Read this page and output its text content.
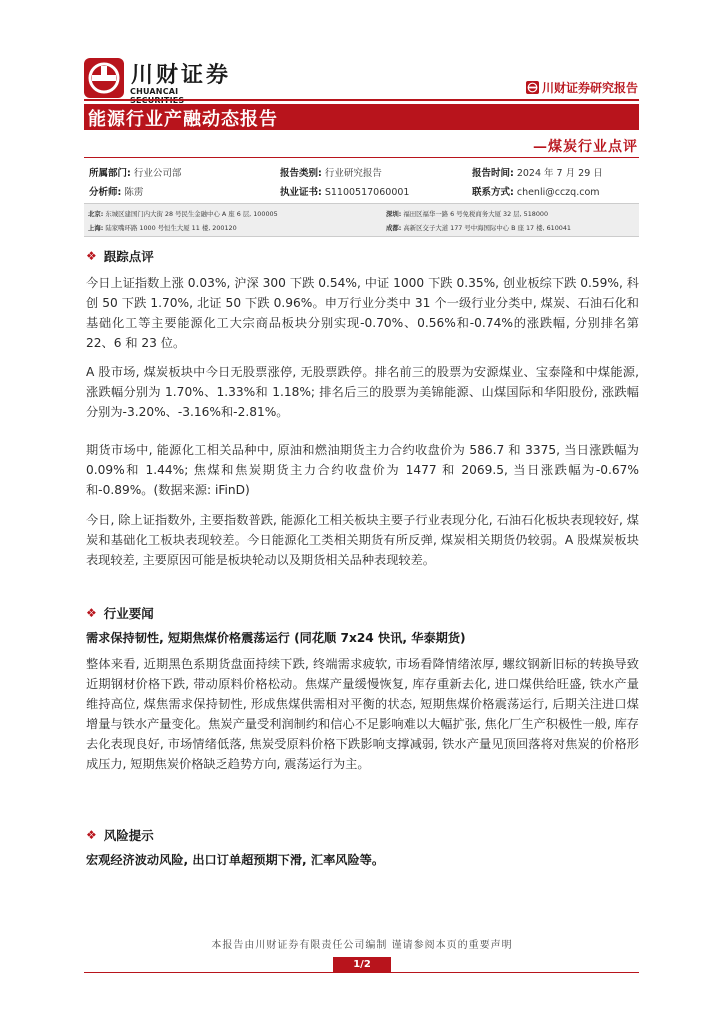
川财证券
CHUANCAI	川财证券研究报告
能源行业产融动态报告
—煤炭行业点评
所属部门: 行业公司部	报告类别: 行业研究报告	报告时间: 2024 年 7 月 29 日
分析师: 陈雳	执业证书: S1100517060001	联系方式: chenli@cczq.com
北京: 东城区建国门内大街 28 号民生金融中心 A 座 6 层, 100005	深圳: 福田区福华一路 6 号免税商务大厦 32 层, 518000
上海: 陆家嘴环路 1000 号恒生大厦 11 楼, 200120	成都: 高新区交子大道 177 号中海国际中心 B 座 17 楼, 610041
❖ 跟踪点评
今日上证指数上涨 0.03%, 沪深 300 下跌 0.54%, 中证 1000 下跌 0.35%, 创业板综下跌 0.59%, 科创 50 下跌 1.70%, 北证 50 下跌 0.96%。申万行业分类中 31 个一级行业分类中, 煤炭、石油石化和基础化工等主要能源化工大宗商品板块分别实现-0.70%、0.56%和-0.74%的涨跌幅, 分别排名第 22、6 和 23 位。
A 股市场, 煤炭板块中今日无股票涨停, 无股票跌停。排名前三的股票为安源煤业、宝泰隆和中煤能源, 涨跌幅分别为 1.70%、1.33%和 1.18%; 排名后三的股票为美锦能源、山煤国际和华阳股份, 涨跌幅分别为-3.20%、-3.16%和-2.81%。
期货市场中, 能源化工相关品种中, 原油和燃油期货主力合约收盘价为 586.7 和 3375, 当日涨跌幅为 0.09%和 1.44%; 焦煤和焦炭期货主力合约收盘价为 1477 和 2069.5, 当日涨跌幅为-0.67%和-0.89%。(数据来源: iFinD)
今日, 除上证指数外, 主要指数普跌, 能源化工相关板块主要子行业表现分化, 石油石化板块表现较好, 煤炭和基础化工板块表现较差。今日能源化工类相关期货有所反弹, 煤炭相关期货仍较弱。A 股煤炭板块表现较差, 主要原因可能是板块轮动以及期货相关品种表现较差。
❖ 行业要闻
需求保持韧性, 短期焦煤价格震荡运行 (同花顺 7x24 快讯, 华泰期货)
整体来看, 近期黑色系期货盘面持续下跌, 终端需求疲软, 市场看降情绪浓厚, 螺纹钢新旧标的转换导致近期钢材价格下跌, 带动原料价格松动。焦煤产量缓慢恢复, 库存重新去化, 进口煤供给旺盛, 铁水产量维持高位, 煤焦需求保持韧性, 形成焦煤供需相对平衡的状态, 短期焦煤价格震荡运行, 后期关注进口煤增量与铁水产量变化。焦炭产量受利润制约和信心不足影响难以大幅扩张, 焦化厂生产积极性一般, 库存去化表现良好, 市场情绪低落, 焦炭受原料价格下跌影响支撑减弱, 铁水产量见顶回落将对焦炭的价格形成压力, 短期焦炭价格缺乏趋势方向, 震荡运行为主。
❖ 风险提示
宏观经济波动风险, 出口订单超预期下滑, 汇率风险等。
本报告由川财证券有限责任公司编制 谨请参阅本页的重要声明
1/2
